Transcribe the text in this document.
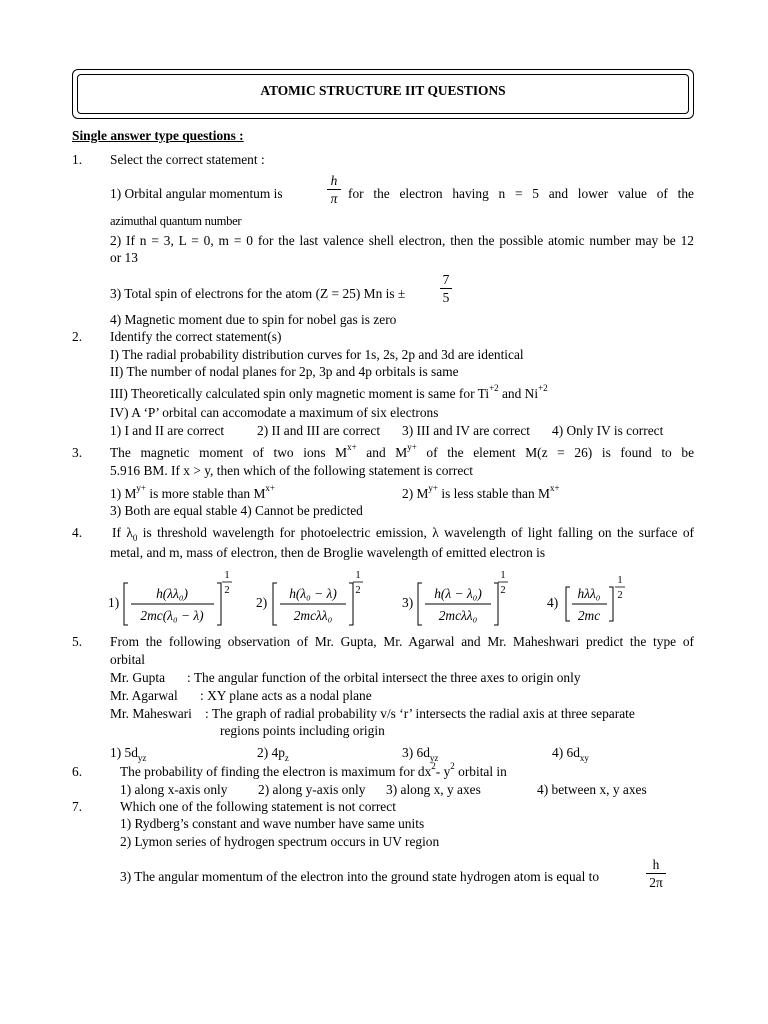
ATOMIC STRUCTURE IIT QUESTIONS
Single answer type questions :
1. Select the correct statement :
1) Orbital angular momentum is	$\frac{h}{\pi}$ for the electron having n = 5 and lower value of the
azimuthal quantum number
2) If n = 3, L = 0, m = 0 for the last valence shell electron, then the possible atomic number may be 12
or 13
3) Total spin of electrons for the atom (Z = 25) Mn is ±	$\frac{7}{5}$
4) Magnetic moment due to spin for nobel gas is zero
2. Identify the correct statement(s)
I) The radial probability distribution curves for 1s, 2s, 2p and 3d are identical
II) The number of nodal planes for 2p, 3p and 4p orbitals is same
III) Theoretically calculated spin only magnetic moment is same for $Ti^{+2}$ and $Ni^{+2}$
IV) A ‘P’ orbital can accomodate a maximum of six electrons
1) I and II are correct 2) II and III are correct 3) III and IV are correct 4) Only IV is correct
3. The magnetic moment of two ions $M^{x+}$ and $M^{y+}$ of the element M(z = 26) is found to be
5.916 BM. If x > y, then which of the following statement is correct
1) $M^{y+}$ is more stable than $M^{x+}$	2) $M^{y+}$ is less stable than $M^{x+}$
3) Both are equal stable 4) Cannot be predicted
4. If $\lambda_0$ is threshold wavelength for photoelectric emission, λ wavelength of light falling on the surface of
metal, and m, mass of electron, then de Broglie wavelength of emitted electron is
1)
h(λλ₀)
2mc(λ₀ − λ)
1
2
2)
h(λ₀ − λ)
2mcλλ₀
1
2
3)
h(λ − λ₀)
2mcλλ₀
1
2
4)
hλλ₀
2mc
1
2
5. From the following observation of Mr. Gupta, Mr. Agarwal and Mr. Maheshwari predict the type of
orbital
Mr. Gupta : The angular function of the orbital intersect the three axes to origin only
Mr. Agarwal : XY plane acts as a nodal plane
Mr. Maheswari : The graph of radial probability v/s ‘r’ intersects the radial axis at three separate
regions points including origin
1) $5d_{yz}$	2) $4p_z$	3) $6d_{yz}$	4) $6d_{xy}$
6.	The probability of finding the electron is maximum for $dx^2-$ $y^2$ orbital in
1) along x-axis only 2) along y-axis only 3) along x, y axes	4) between x, y axes
7.	Which one of the following statement is not correct
1) Rydberg’s constant and wave number have same units
2) Lymon series of hydrogen spectrum occurs in UV region
3) The angular momentum of the electron into the ground state hydrogen atom is equal to	$\frac{h}{2\pi}$
